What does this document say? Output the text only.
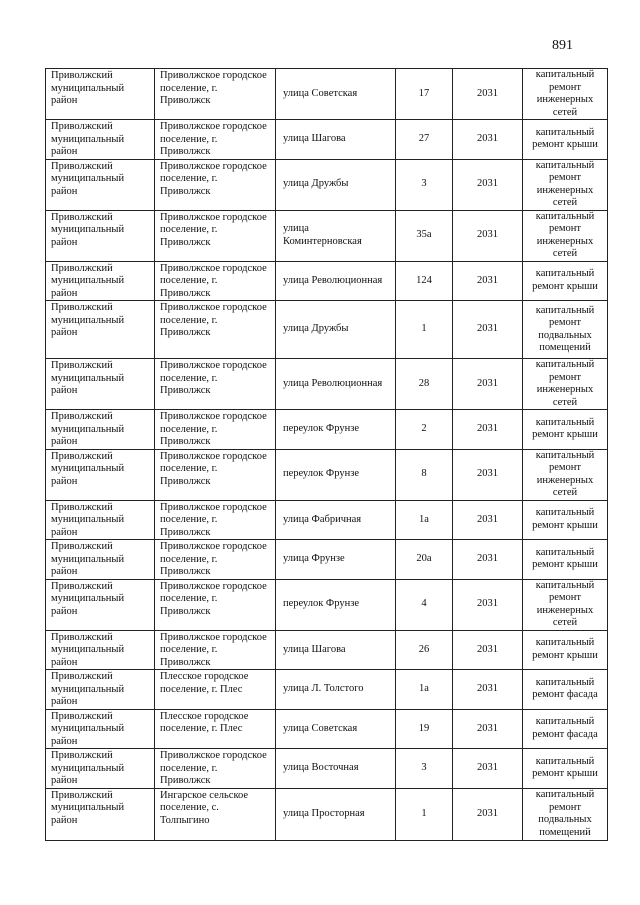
891
Приволжский муниципальный район	Приволжское городское поселение, г. Приволжск	улица Советская	17	2031	капитальный ремонт инженерных сетей
Приволжский муниципальный район	Приволжское городское поселение, г. Приволжск	улица Шагова	27	2031	капитальный ремонт крыши
Приволжский муниципальный район	Приволжское городское поселение, г. Приволжск	улица Дружбы	3	2031	капитальный ремонт инженерных сетей
Приволжский муниципальный район	Приволжское городское поселение, г. Приволжск	улица Коминтерновская	35а	2031	капитальный ремонт инженерных сетей
Приволжский муниципальный район	Приволжское городское поселение, г. Приволжск	улица Революционная	124	2031	капитальный ремонт крыши
Приволжский муниципальный район	Приволжское городское поселение, г. Приволжск	улица Дружбы	1	2031	капитальный ремонт подвальных помещений
Приволжский муниципальный район	Приволжское городское поселение, г. Приволжск	улица Революционная	28	2031	капитальный ремонт инженерных сетей
Приволжский муниципальный район	Приволжское городское поселение, г. Приволжск	переулок Фрунзе	2	2031	капитальный ремонт крыши
Приволжский муниципальный район	Приволжское городское поселение, г. Приволжск	переулок Фрунзе	8	2031	капитальный ремонт инженерных сетей
Приволжский муниципальный район	Приволжское городское поселение, г. Приволжск	улица Фабричная	1а	2031	капитальный ремонт крыши
Приволжский муниципальный район	Приволжское городское поселение, г. Приволжск	улица Фрунзе	20а	2031	капитальный ремонт крыши
Приволжский муниципальный район	Приволжское городское поселение, г. Приволжск	переулок Фрунзе	4	2031	капитальный ремонт инженерных сетей
Приволжский муниципальный район	Приволжское городское поселение, г. Приволжск	улица Шагова	26	2031	капитальный ремонт крыши
Приволжский муниципальный район	Плесское городское поселение, г. Плес	улица Л. Толстого	1а	2031	капитальный ремонт фасада
Приволжский муниципальный район	Плесское городское поселение, г. Плес	улица Советская	19	2031	капитальный ремонт фасада
Приволжский муниципальный район	Приволжское городское поселение, г. Приволжск	улица Восточная	3	2031	капитальный ремонт крыши
Приволжский муниципальный район	Ингарское сельское поселение, с. Толпыгино	улица Просторная	1	2031	капитальный ремонт подвальных помещений
